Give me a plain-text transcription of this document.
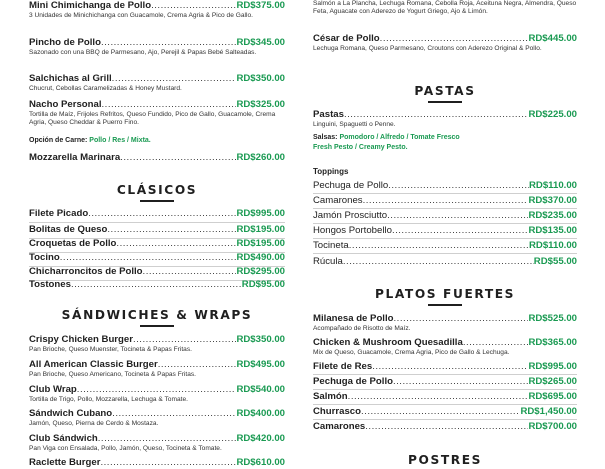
Mini Chimichanga de Pollo .....	RD$375.00
3 Unidades de Minichichanga con Guacamole, Crema Agria & Pico de Gallo.
Pincho de Pollo .....	RD$345.00
Sazonado con una BBQ de Parmesano, Ajo, Perejil & Papas Bebé Salteadas.
Salchichas al Grill .....	RD$350.00
Chucrut, Cebollas Caramelizadas & Honey Mustard.
Nacho Personal .....	RD$325.00
Tortilla de Maíz, Frijoles Refritos, Queso Fundido, Pico de Gallo, Guacamole, Crema Agria, Queso Cheddar & Puerro Fino.
Opción de Carne: Pollo / Res / Mixta.
Mozzarella Marinara .....	RD$260.00
CLÁSICOS
Filete Picado .....	RD$995.00
Bolitas de Queso .....	RD$195.00
Croquetas de Pollo .....	RD$195.00
Tocino .....	RD$490.00
Chicharroncitos de Pollo .....	RD$295.00
Tostones .....	RD$95.00
SÁNDWICHES & WRAPS
Crispy Chicken Burger .....	RD$350.00
Pan Brioche, Queso Muenster, Tocineta & Papas Fritas.
All American Classic Burger .....	RD$495.00
Pan Brioche, Queso Americano, Tocineta & Papas Fritas.
Club Wrap .....	RD$540.00
Tortilla de Trigo, Pollo, Mozzarella, Lechuga & Tomate.
Sándwich Cubano .....	RD$400.00
Jamón, Queso, Pierna de Cerdo & Mostaza.
Club Sándwich .....	RD$420.00
Pan Viga con Ensalada, Pollo, Jamón, Queso, Tocineta & Tomate.
Raclette Burger .....	RD$610.00
Salmón a La Plancha, Lechuga Romana, Cebolla Roja, Aceituna Negra, Almendra, Queso Feta, Aguacate con Aderezo de Yogurt Griego, Ajo & Limón.
César de Pollo .....	RD$445.00
Lechuga Romana, Queso Parmesano, Croutons con Aderezo Original & Pollo.
PASTAS
Pastas .....	RD$225.00
Linguini, Spaguetti o Penne.
Salsas: Pomodoro / Alfredo / Tomate Fresco
Fresh Pesto / Creamy Pesto.
Toppings
Pechuga de Pollo .....	RD$110.00
Camarones .....	RD$370.00
Jamón Prosciutto .....	RD$235.00
Hongos Portobello .....	RD$135.00
Tocineta .....	RD$110.00
Rúcula .....	RD$55.00
PLATOS FUERTES
Milanesa de Pollo .....	RD$525.00
Acompañado de Risotto de Maíz.
Chicken & Mushroom Quesadilla .....	RD$365.00
Mix de Queso, Guacamole, Crema Agria, Pico de Gallo & Lechuga.
Filete de Res .....	RD$995.00
Pechuga de Pollo .....	RD$265.00
Salmón .....	RD$695.00
Churrasco .....	RD$1,450.00
Camarones .....	RD$700.00
POSTRES
